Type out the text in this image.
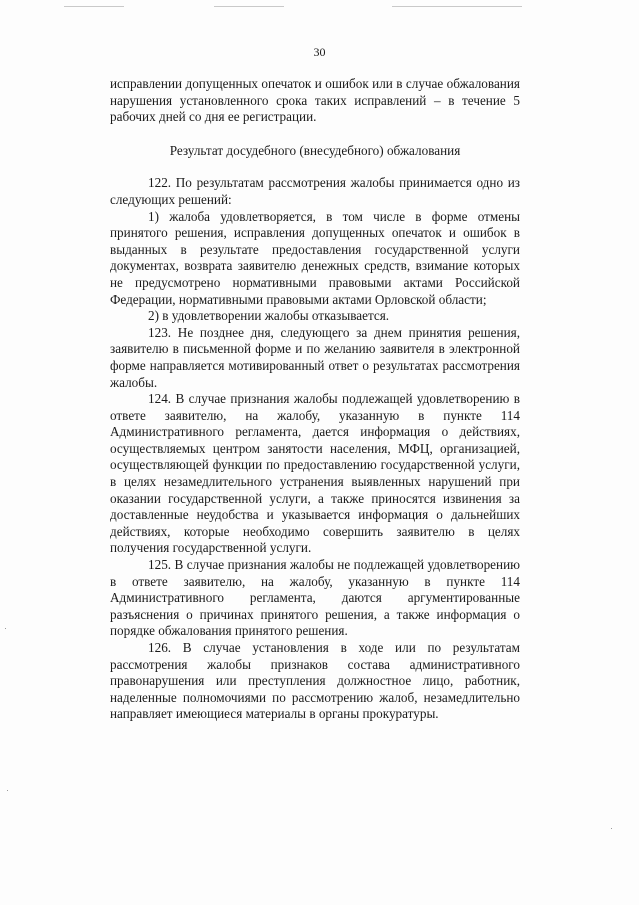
30

исправлении допущенных опечаток и ошибок или в случае обжалования нарушения установленного срока таких исправлений – в течение 5 рабочих дней со дня ее регистрации.

Результат досудебного (внесудебного) обжалования

122. По результатам рассмотрения жалобы принимается одно из следующих решений:

1) жалоба удовлетворяется, в том числе в форме отмены принятого решения, исправления допущенных опечаток и ошибок в выданных в результате предоставления государственной услуги документах, возврата заявителю денежных средств, взимание которых не предусмотрено нормативными правовыми актами Российской Федерации, нормативными правовыми актами Орловской области;

2) в удовлетворении жалобы отказывается.

123. Не позднее дня, следующего за днем принятия решения, заявителю в письменной форме и по желанию заявителя в электронной форме направляется мотивированный ответ о результатах рассмотрения жалобы.

124. В случае признания жалобы подлежащей удовлетворению в ответе заявителю, на жалобу, указанную в пункте 114 Административного регламента, дается информация о действиях, осуществляемых центром занятости населения, МФЦ, организацией, осуществляющей функции по предоставлению государственной услуги, в целях незамедлительного устранения выявленных нарушений при оказании государственной услуги, а также приносятся извинения за доставленные неудобства и указывается информация о дальнейших действиях, которые необходимо совершить заявителю в целях получения государственной услуги.

125. В случае признания жалобы не подлежащей удовлетворению в ответе заявителю, на жалобу, указанную в пункте 114 Административного регламента, даются аргументированные разъяснения о причинах принятого решения, а также информация о порядке обжалования принятого решения.

126. В случае установления в ходе или по результатам рассмотрения жалобы признаков состава административного правонарушения или преступления должностное лицо, работник, наделенные полномочиями по рассмотрению жалоб, незамедлительно направляет имеющиеся материалы в органы прокуратуры.
